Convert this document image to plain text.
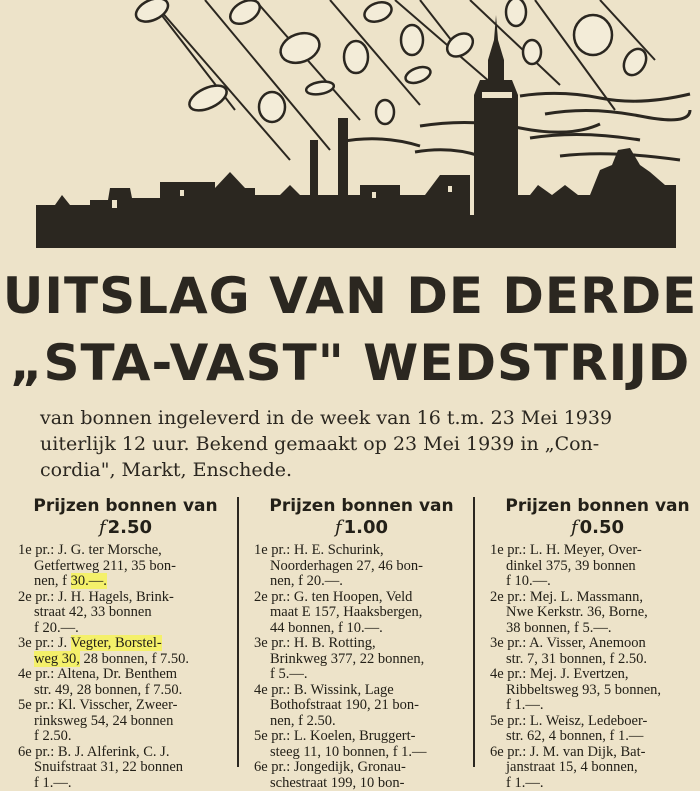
UITSLAG VAN DE DERDE
„STA-VAST" WEDSTRIJD
van bonnen ingeleverd in de week van 16 t.m. 23 Mei 1939
uiterlijk 12 uur. Bekend gemaakt op 23 Mei 1939 in „Con-
cordia", Markt, Enschede.
Prijzen bonnen van
f 2.50
1e pr.: J. G. ter Morsche,
Getfertweg 211, 35 bon-
nen, f 30.—.
2e pr.: J. H. Hagels, Brink-
straat 42, 33 bonnen
f 20.—.
3e pr.: J. Vegter, Borstel-
weg 30, 28 bonnen, f 7.50.
4e pr.: Altena, Dr. Benthem
str. 49, 28 bonnen, f 7.50.
5e pr.: Kl. Visscher, Zweer-
rinksweg 54, 24 bonnen
f 2.50.
6e pr.: B. J. Alferink, C. J.
Snuifstraat 31, 22 bonnen
f 1.—.
Prijzen bonnen van
f 1.00
1e pr.: H. E. Schurink,
Noorderhagen 27, 46 bon-
nen, f 20.—.
2e pr.: G. ten Hoopen, Veld
maat E 157, Haaksbergen,
44 bonnen, f 10.—.
3e pr.: H. B. Rotting,
Brinkweg 377, 22 bonnen,
f 5.—.
4e pr.: B. Wissink, Lage
Bothofstraat 190, 21 bon-
nen, f 2.50.
5e pr.: L. Koelen, Bruggert-
steeg 11, 10 bonnen, f 1.—
6e pr.: Jongedijk, Gronau-
schestraat 199, 10 bon-
Prijzen bonnen van
f 0.50
1e pr.: L. H. Meyer, Over-
dinkel 375, 39 bonnen
f 10.—.
2e pr.: Mej. L. Massmann,
Nwe Kerkstr. 36, Borne,
38 bonnen, f 5.—.
3e pr.: A. Visser, Anemoon
str. 7, 31 bonnen, f 2.50.
4e pr.: Mej. J. Evertzen,
Ribbeltsweg 93, 5 bonnen,
f 1.—.
5e pr.: L. Weisz, Ledeboer-
str. 62, 4 bonnen, f 1.—
6e pr.: J. M. van Dijk, Bat-
janstraat 15, 4 bonnen,
f 1.—.
